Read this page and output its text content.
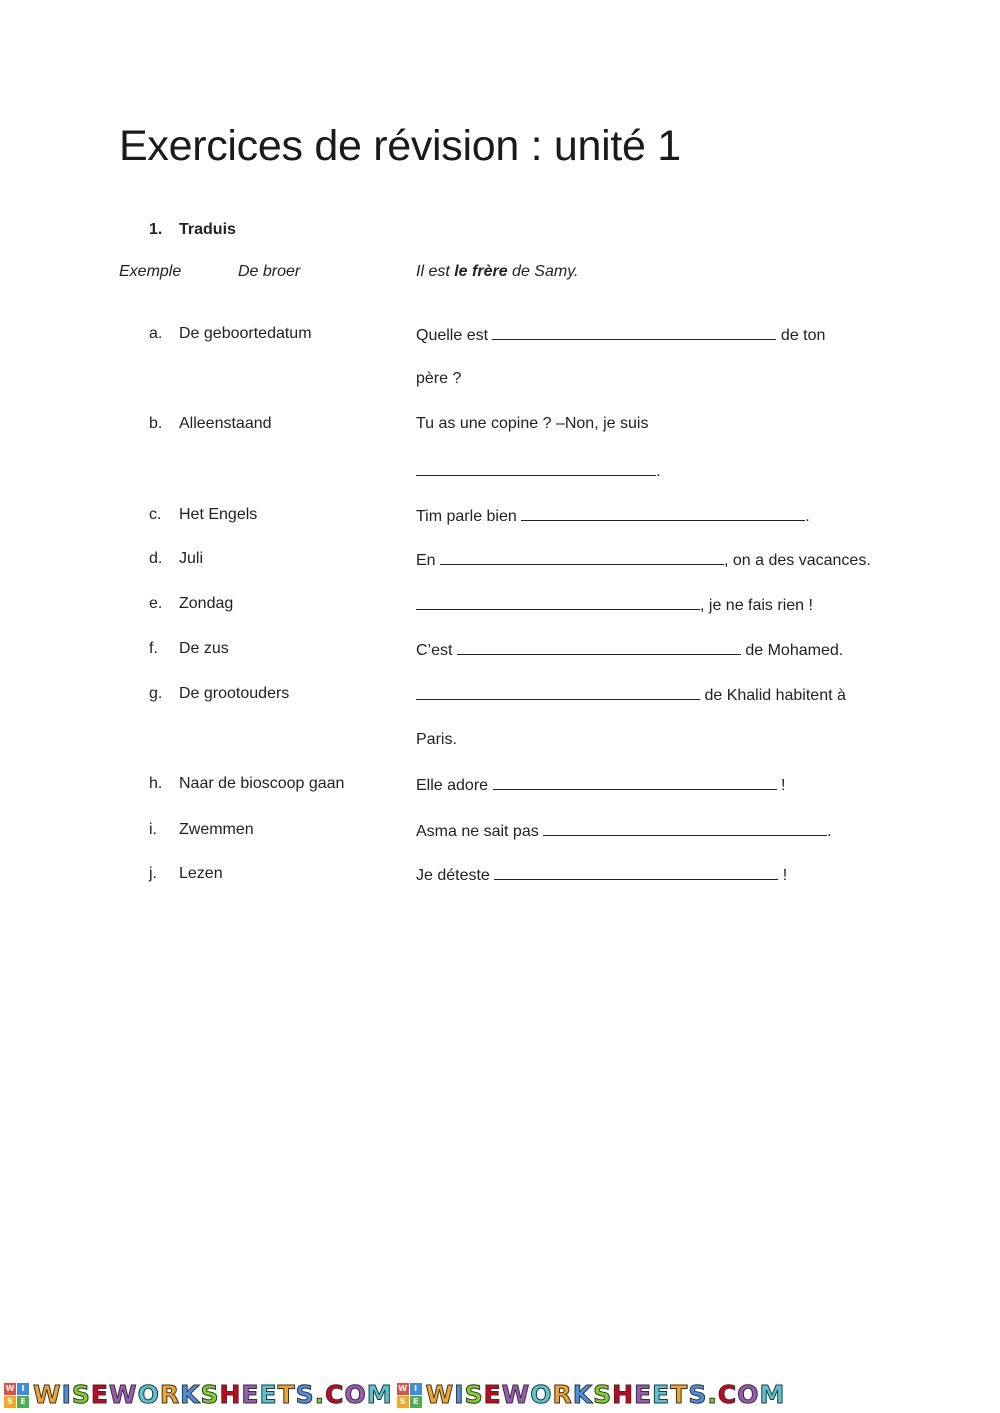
Exercices de révision : unité 1
1. Traduis
Exemple	De broer	Il est le frère de Samy.
a. De geboortedatum	Quelle est	de ton
père ?
b. Alleenstaand	Tu as une copine ? –Non, je suis
.
c. Het Engels	Tim parle bien	.
d. Juli	En	, on a des vacances.
e. Zondag	, je ne fais rien !
f. De zus	C’est	de Mohamed.
g. De grootouders	de Khalid habitent à
Paris.
h. Naar de bioscoop gaan	Elle adore	!
i. Zwemmen	Asma ne sait pas	.
j. Lezen	Je déteste	!
W I
S E WISEWORKSHEETS.COM W I
S E WISEWORKSHEETS.COM
